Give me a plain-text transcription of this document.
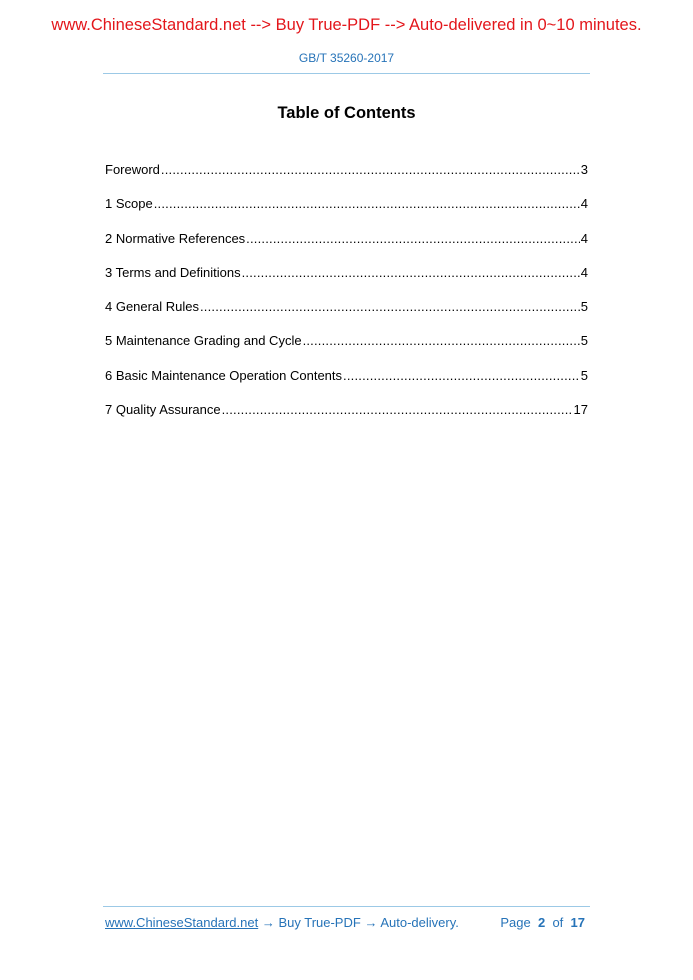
www.ChineseStandard.net --> Buy True-PDF --> Auto-delivered in 0~10 minutes.
GB/T 35260-2017
Table of Contents
Foreword .....	3
1 Scope .....	4
2 Normative References .....	4
3 Terms and Definitions .....	4
4 General Rules .....	5
5 Maintenance Grading and Cycle .....	5
6 Basic Maintenance Operation Contents .....	5
7 Quality Assurance .....	17
www.ChineseStandard.net → Buy True-PDF → Auto-delivery.	Page 2 of 17
